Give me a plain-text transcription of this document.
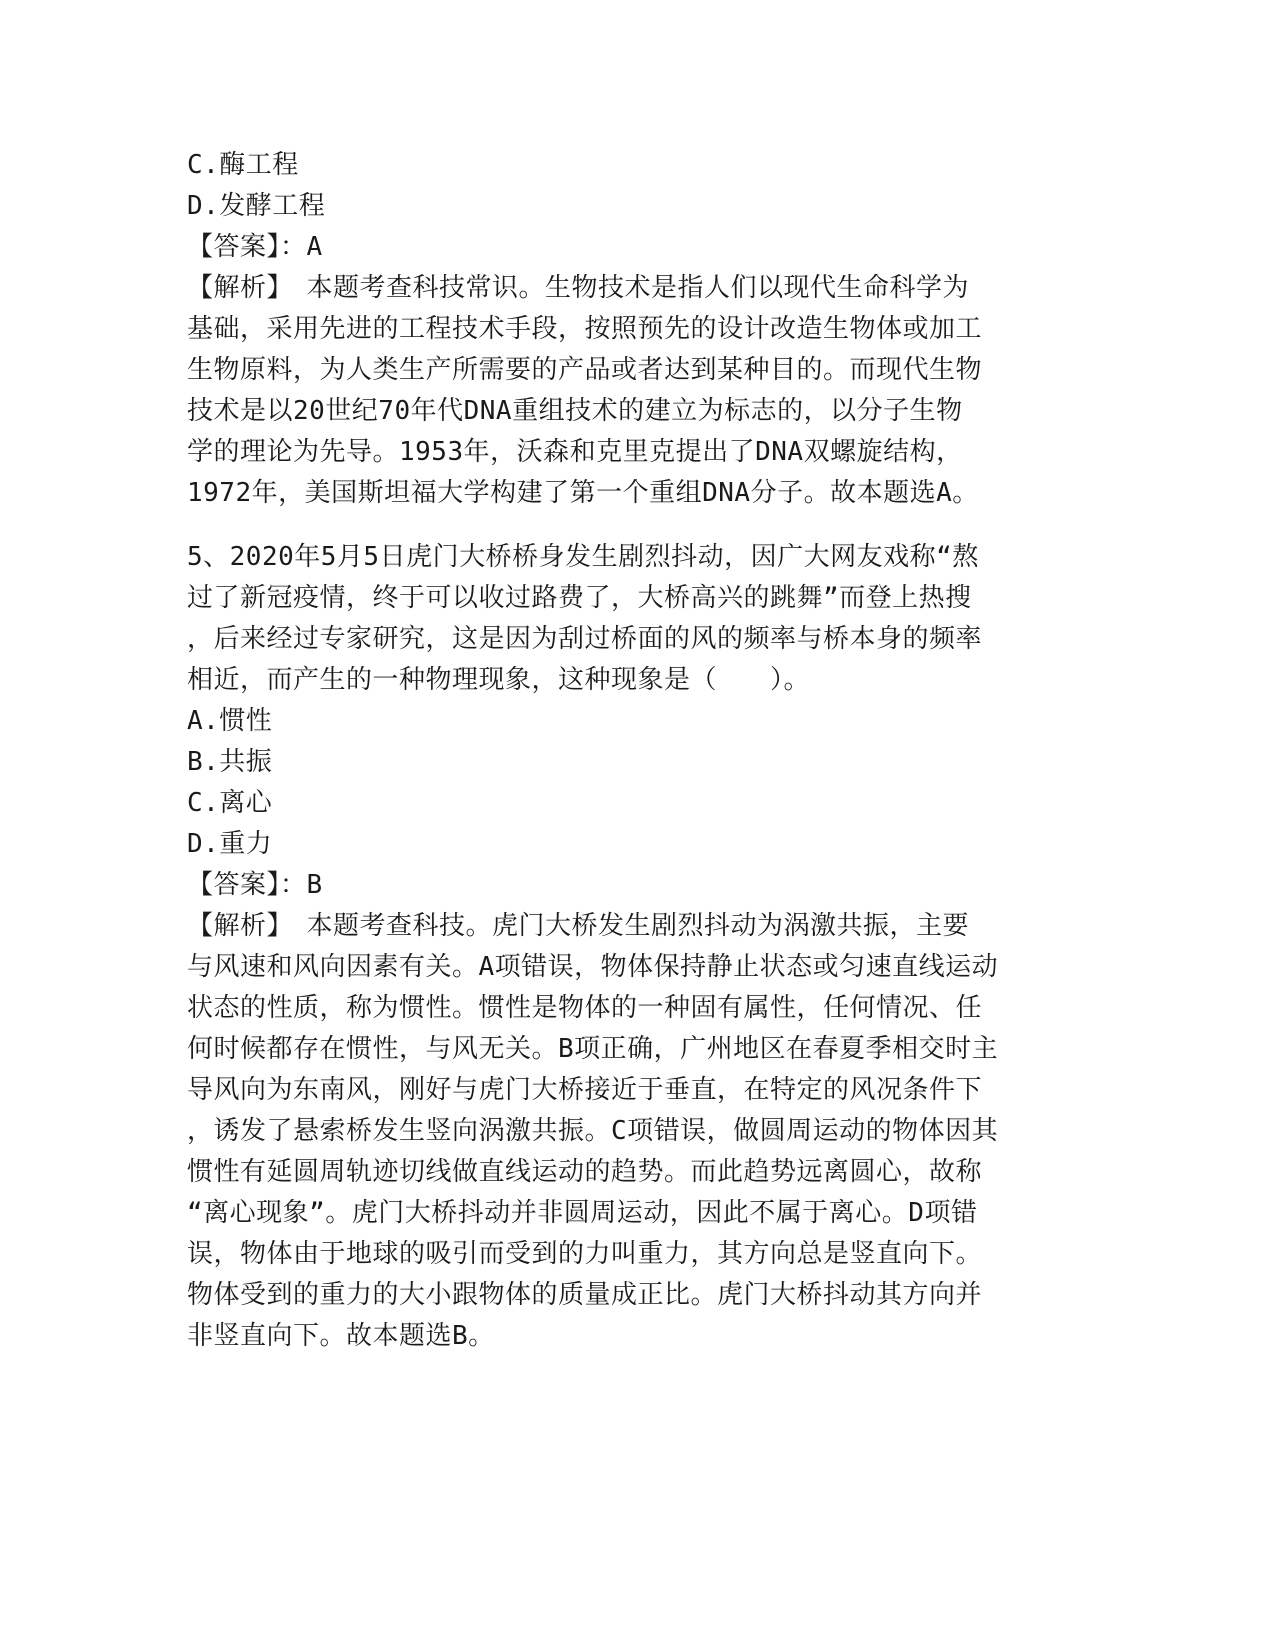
C.酶工程
D.发酵工程
【答案】：A
【解析】　本题考查科技常识。生物技术是指人们以现代生命科学为
基础，采用先进的工程技术手段，按照预先的设计改造生物体或加工
生物原料，为人类生产所需要的产品或者达到某种目的。而现代生物
技术是以20世纪70年代DNA重组技术的建立为标志的，以分子生物
学的理论为先导。1953年，沃森和克里克提出了DNA双螺旋结构，
1972年，美国斯坦福大学构建了第一个重组DNA分子。故本题选A。
5、2020年5月5日虎门大桥桥身发生剧烈抖动，因广大网友戏称“熬
过了新冠疫情，终于可以收过路费了，大桥高兴的跳舞”而登上热搜
，后来经过专家研究，这是因为刮过桥面的风的频率与桥本身的频率
相近，而产生的一种物理现象，这种现象是（　　）。
A.惯性
B.共振
C.离心
D.重力
【答案】：B
【解析】　本题考查科技。虎门大桥发生剧烈抖动为涡激共振，主要
与风速和风向因素有关。A项错误，物体保持静止状态或匀速直线运动
状态的性质，称为惯性。惯性是物体的一种固有属性，任何情况、任
何时候都存在惯性，与风无关。B项正确，广州地区在春夏季相交时主
导风向为东南风，刚好与虎门大桥接近于垂直，在特定的风况条件下
，诱发了悬索桥发生竖向涡激共振。C项错误，做圆周运动的物体因其
惯性有延圆周轨迹切线做直线运动的趋势。而此趋势远离圆心，故称
“离心现象”。虎门大桥抖动并非圆周运动，因此不属于离心。D项错
误，物体由于地球的吸引而受到的力叫重力，其方向总是竖直向下。
物体受到的重力的大小跟物体的质量成正比。虎门大桥抖动其方向并
非竖直向下。故本题选B。
